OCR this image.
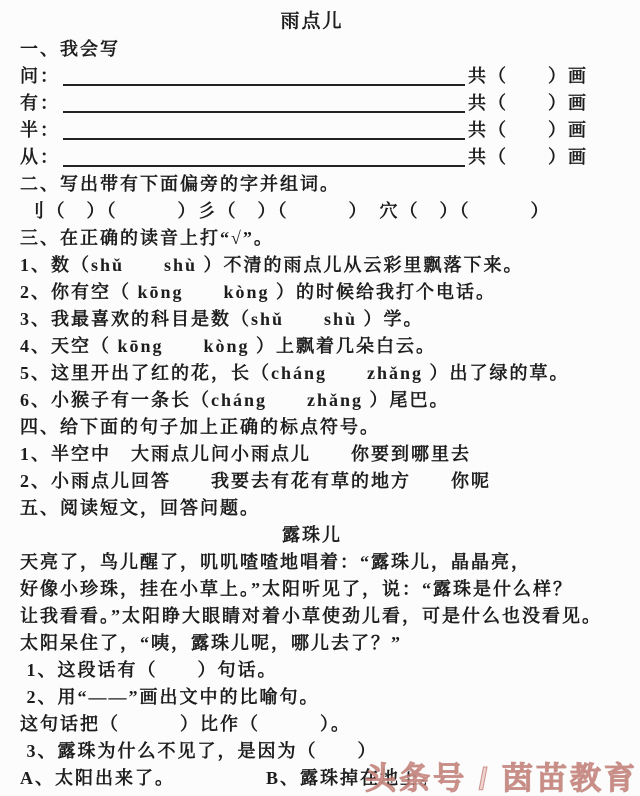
雨点儿
一、我会写
问：	共（　　）画
有：	共（　　）画
半：	共（　　）画
从：	共（　　）画
二、写出带有下面偏旁的字并组词。
刂（　）（　　　）彡（　）（　　　）　穴（　）（　　　）
三、在正确的读音上打“√”。
1、数（shǔ　　shù ）不清的雨点儿从云彩里飘落下来。
2、你有空（ kōng　　kòng ）的时候给我打个电话。
3、我最喜欢的科目是数（shǔ　　shù ）学。
4、天空（ kōng　　kòng ）上飘着几朵白云。
5、这里开出了红的花，长（cháng　　zhǎng ）出了绿的草。
6、小猴子有一条长（cháng　　zhǎng ）尾巴。
四、给下面的句子加上正确的标点符号。
1、半空中　大雨点儿问小雨点儿　　你要到哪里去
2、小雨点儿回答　　我要去有花有草的地方　　你呢
五、阅读短文，回答问题。
露珠儿
天亮了，鸟儿醒了，叽叽喳喳地唱着：“露珠儿，晶晶亮，
好像小珍珠，挂在小草上。”太阳听见了，说：“露珠是什么样？
让我看看。”太阳睁大眼睛对着小草使劲儿看，可是什么也没看见。
太阳呆住了，“咦，露珠儿呢，哪儿去了？”
1、这段话有（　　）句话。
2、用“——”画出文中的比喻句。
这句话把（　　　）比作（　　　）。
3、露珠为什么不见了，是因为（　　）
A、太阳出来了。　　　　　B、露珠掉在地上。
头条号 / 茵苗教育
